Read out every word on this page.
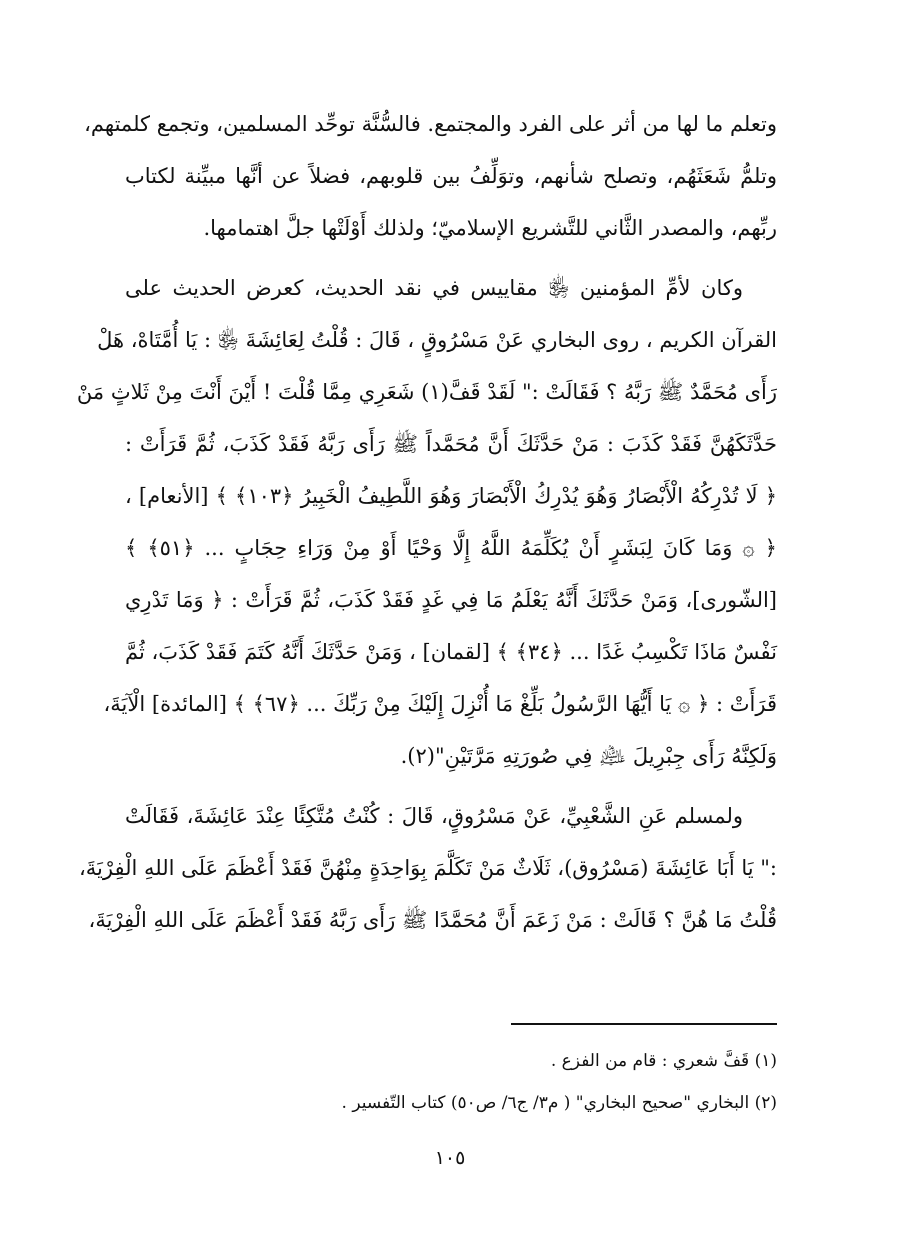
وتعلم ما لها من أثر على الفرد والمجتمع. فالسُّنَّة توحِّد المسلمين، وتجمع كلمتهم،
وتلمُّ شَعَثَهُم، وتصلح شأنهم، وتوَلِّفُ بين قلوبهم، فضلاً عن أنَّها مبيِّنة لكتاب
ربِّهم، والمصدر الثَّاني للتَّشريع الإسلاميّ؛ ولذلك أَوْلَتْها جلَّ اهتمامها.
وكان لأمِّ المؤمنين ﵂ مقاييس في نقد الحديث، كعرض الحديث على
القرآن الكريم ، روى البخاري عَنْ مَسْرُوقٍ ، قَالَ : قُلْتُ لِعَائِشَةَ ﵂ : يَا أُمَّتَاهْ، هَلْ
رَأَى مُحَمَّدٌ ﷺ رَبَّهُ ؟ فَقَالَتْ :" لَقَدْ قَفَّ(١) شَعَرِي مِمَّا قُلْتَ ! أَيْنَ أَنْتَ مِنْ ثَلاثٍ مَنْ
حَدَّثَكَهُنَّ فَقَدْ كَذَبَ : مَنْ حَدَّثَكَ أَنَّ مُحَمَّداً ﷺ رَأَى رَبَّهُ فَقَدْ كَذَبَ، ثُمَّ قَرَأَتْ :
﴿ لَا تُدْرِكُهُ الْأَبْصَارُ وَهُوَ يُدْرِكُ الْأَبْصَارَ وَهُوَ اللَّطِيفُ الْخَبِيرُ ﴿١٠٣﴾ ﴾ [الأنعام] ،
﴿ ۞ وَمَا كَانَ لِبَشَرٍ أَنْ يُكَلِّمَهُ اللَّهُ إِلَّا وَحْيًا أَوْ مِنْ وَرَاءِ حِجَابٍ ... ﴿٥١﴾ ﴾
[الشّورى]، وَمَنْ حَدَّثَكَ أَنَّهُ يَعْلَمُ مَا فِي غَدٍ فَقَدْ كَذَبَ، ثُمَّ قَرَأَتْ : ﴿ وَمَا تَدْرِي
نَفْسٌ مَاذَا تَكْسِبُ غَدًا ... ﴿٣٤﴾ ﴾ [لقمان] ، وَمَنْ حَدَّثَكَ أَنَّهُ كَتَمَ فَقَدْ كَذَبَ، ثُمَّ
قَرَأَتْ : ﴿ ۞ يَا أَيُّهَا الرَّسُولُ بَلِّغْ مَا أُنْزِلَ إِلَيْكَ مِنْ رَبِّكَ ... ﴿٦٧﴾ ﴾ [المائدة] الْآيَةَ،
وَلَكِنَّهُ رَأَى جِبْرِيلَ ﵇ فِي صُورَتِهِ مَرَّتَيْنِ"(٢).
ولمسلم عَنِ الشَّعْبِيِّ، عَنْ مَسْرُوقٍ، قَالَ : كُنْتُ مُتَّكِئًا عِنْدَ عَائِشَةَ، فَقَالَتْ
:" يَا أَبَا عَائِشَةَ (مَسْرُوق)، ثَلَاثٌ مَنْ تَكَلَّمَ بِوَاحِدَةٍ مِنْهُنَّ فَقَدْ أَعْظَمَ عَلَى اللهِ الْفِرْيَةَ،
قُلْتُ مَا هُنَّ ؟ قَالَتْ : مَنْ زَعَمَ أَنَّ مُحَمَّدًا ﷺ رَأَى رَبَّهُ فَقَدْ أَعْظَمَ عَلَى اللهِ الْفِرْيَةَ،
(١) قَفَّ شعري : قام من الفزع .
(٢) البخاري "صحيح البخاري" ( م٣/ ج٦/ ص٥٠) كتاب التّفسير .
١٠٥
